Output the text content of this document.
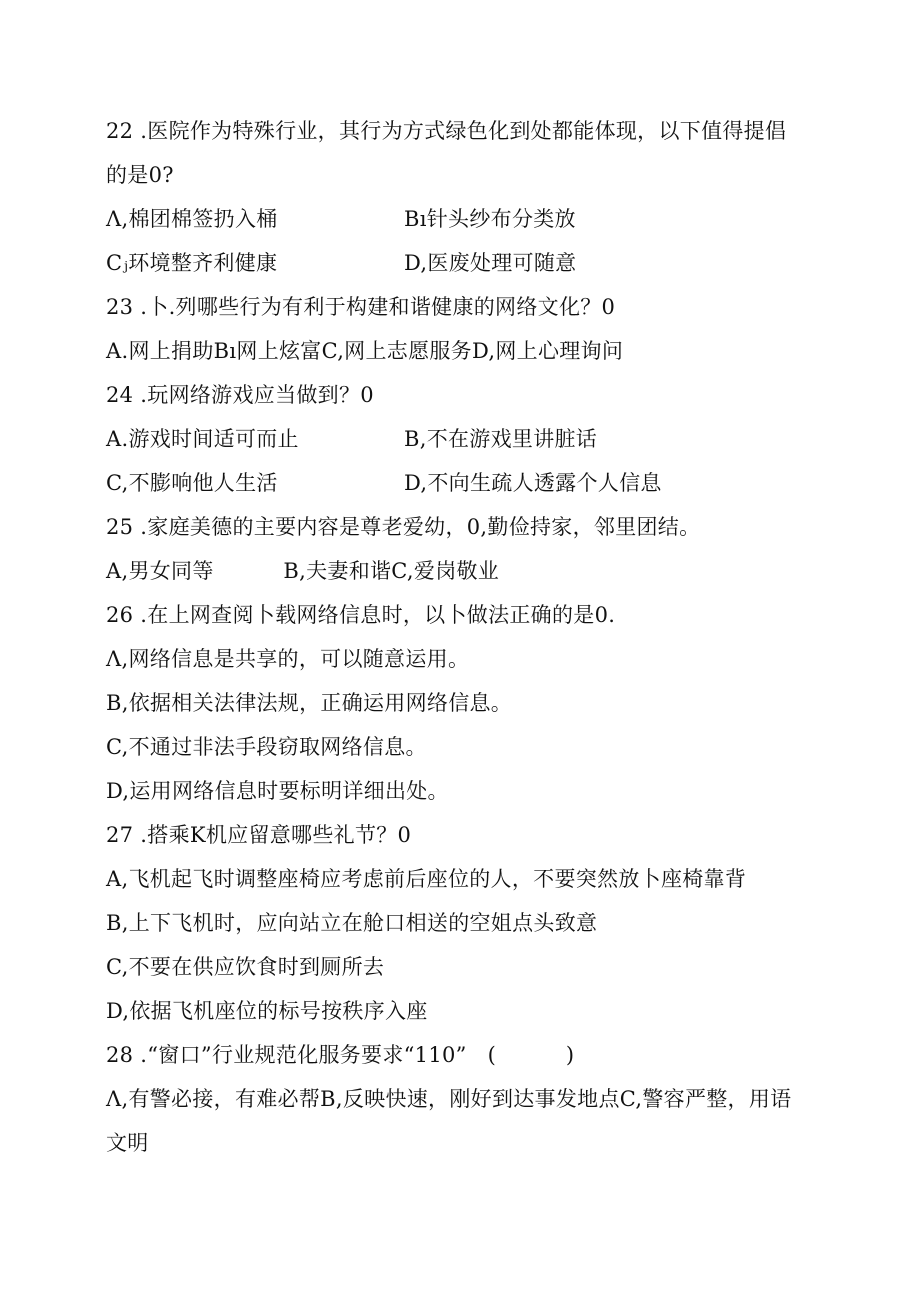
22 .医院作为特殊行业，其行为方式绿色化到处都能体现，以下值得提倡
的是0?
Λ,棉团棉签扔入桶	Bı针头纱布分类放
Cⱼ环境整齐利健康	D,医废处理可随意
23 .卜.列哪些行为有利于构建和谐健康的网络文化？0
A.网上捐助Bı网上炫富C,网上志愿服务D,网上心理询问
24 .玩网络游戏应当做到？0
A.游戏时间适可而止	B,不在游戏里讲脏话
C,不膨响他人生活	D,不向生疏人透露个人信息
25 .家庭美德的主要内容是尊老爱幼，0,勤俭持家，邻里团结。
A,男女同等          B,夫妻和谐C,爱岗敬业
26 .在上网查阅卜载网络信息时，以卜做法正确的是0.
Λ,网络信息是共享的，可以随意运用。
B,依据相关法律法规，正确运用网络信息。
C,不通过非法手段窃取网络信息。
D,运用网络信息时要标明详细出处。
27 .搭乘K机应留意哪些礼节？0
A,飞机起飞时调整座椅应考虑前后座位的人，不要突然放卜座椅靠背
B,上下飞机时，应向站立在舱口相送的空姐点头致意
C,不要在供应饮食时到厕所去
D,依据飞机座位的标号按秩序入座
28 .“窗口”行业规范化服务要求“110”   (          )
Λ,有警必接，有难必帮B,反映快速，刚好到达事发地点C,警容严整，用语
文明
